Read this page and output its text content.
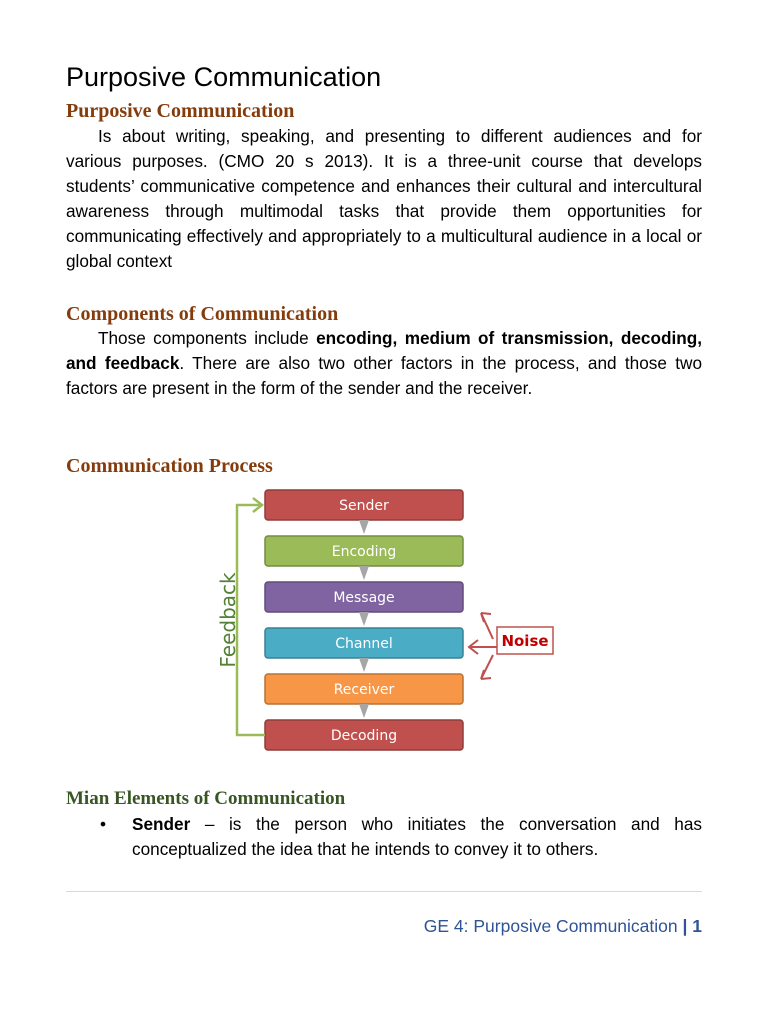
Purposive Communication
Purposive Communication
Is about writing, speaking, and presenting to different audiences and for various purposes. (CMO 20 s 2013). It is a three-unit course that develops students’ communicative competence and enhances their cultural and intercultural awareness through multimodal tasks that provide them opportunities for communicating effectively and appropriately to a multicultural audience in a local or global context
Components of Communication
Those components include encoding, medium of transmission, decoding, and feedback. There are also two other factors in the process, and those two factors are present in the form of the sender and the receiver.
Communication Process
Sender
Encoding
Message
Channel
Receiver
Decoding
Feedback	Noise
Mian Elements of Communication
• Sender – is the person who initiates the conversation and has conceptualized the idea that he intends to convey it to others.
GE 4: Purposive Communication | 1
